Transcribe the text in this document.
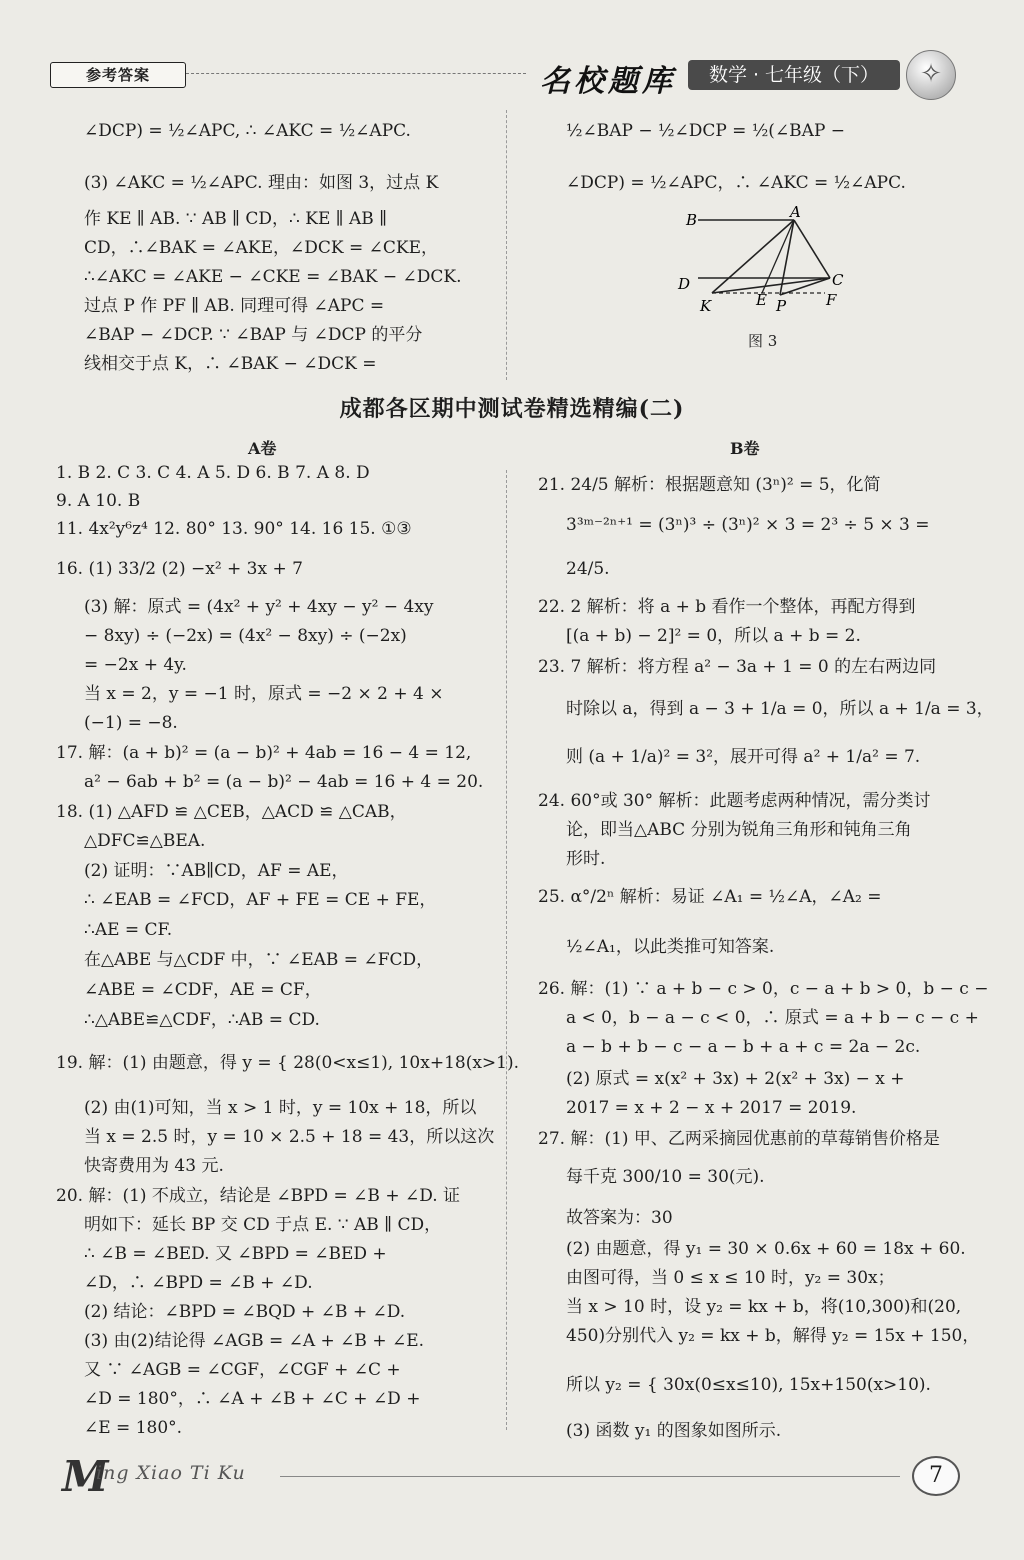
参考答案	名校题库	数学 · 七年级（下）	✧
∠DCP) = ½∠APC, ∴ ∠AKC = ½∠APC.
(3) ∠AKC = ½∠APC. 理由：如图 3，过点 K
作 KE ∥ AB. ∵ AB ∥ CD，∴ KE ∥ AB ∥
CD，∴∠BAK = ∠AKE，∠DCK = ∠CKE，
∴∠AKC = ∠AKE − ∠CKE = ∠BAK − ∠DCK.
过点 P 作 PF ∥ AB. 同理可得 ∠APC =
∠BAP − ∠DCP. ∵ ∠BAP 与 ∠DCP 的平分
线相交于点 K，∴ ∠BAK − ∠DCK =
½∠BAP − ½∠DCP = ½(∠BAP −
∠DCP) = ½∠APC，∴ ∠AKC = ½∠APC.
B	A
D	C
K	E P	F
图 3
成都各区期中测试卷精选精编(二)
A卷	B卷
1. B 2. C 3. C 4. A 5. D 6. B 7. A 8. D
9. A 10. B
11. 4x²y⁶z⁴ 12. 80° 13. 90° 14. 16 15. ①③
16. (1) 33/2 (2) −x² + 3x + 7
(3) 解：原式 = (4x² + y² + 4xy − y² − 4xy
− 8xy) ÷ (−2x) = (4x² − 8xy) ÷ (−2x)
= −2x + 4y.
当 x = 2，y = −1 时，原式 = −2 × 2 + 4 ×
(−1) = −8.
17. 解：(a + b)² = (a − b)² + 4ab = 16 − 4 = 12,
a² − 6ab + b² = (a − b)² − 4ab = 16 + 4 = 20.
18. (1) △AFD ≌ △CEB，△ACD ≌ △CAB，
△DFC≌△BEA.
(2) 证明：∵AB∥CD，AF = AE，
∴ ∠EAB = ∠FCD，AF + FE = CE + FE，
∴AE = CF.
在△ABE 与△CDF 中，∵ ∠EAB = ∠FCD，
∠ABE = ∠CDF，AE = CF，
∴△ABE≌△CDF，∴AB = CD.
19. 解：(1) 由题意，得 y = { 28(0<x≤1), 10x+18(x>1).
(2) 由(1)可知，当 x > 1 时，y = 10x + 18，所以
当 x = 2.5 时，y = 10 × 2.5 + 18 = 43，所以这次
快寄费用为 43 元.
20. 解：(1) 不成立，结论是 ∠BPD = ∠B + ∠D. 证
明如下：延长 BP 交 CD 于点 E. ∵ AB ∥ CD，
∴ ∠B = ∠BED. 又 ∠BPD = ∠BED +
∠D，∴ ∠BPD = ∠B + ∠D.
(2) 结论：∠BPD = ∠BQD + ∠B + ∠D.
(3) 由(2)结论得 ∠AGB = ∠A + ∠B + ∠E.
又 ∵ ∠AGB = ∠CGF，∠CGF + ∠C +
∠D = 180°，∴ ∠A + ∠B + ∠C + ∠D +
∠E = 180°.
21. 24/5 解析：根据题意知 (3ⁿ)² = 5，化简
3³ᵐ⁻²ⁿ⁺¹ = (3ⁿ)³ ÷ (3ⁿ)² × 3 = 2³ ÷ 5 × 3 =
24/5.
22. 2 解析：将 a + b 看作一个整体，再配方得到
[(a + b) − 2]² = 0，所以 a + b = 2.
23. 7 解析：将方程 a² − 3a + 1 = 0 的左右两边同
时除以 a，得到 a − 3 + 1/a = 0，所以 a + 1/a = 3，
则 (a + 1/a)² = 3²，展开可得 a² + 1/a² = 7.
24. 60°或 30° 解析：此题考虑两种情况，需分类讨
论，即当△ABC 分别为锐角三角形和钝角三角
形时.
25. α°/2ⁿ 解析：易证 ∠A₁ = ½∠A，∠A₂ =
½∠A₁，以此类推可知答案.
26. 解：(1) ∵ a + b − c > 0，c − a + b > 0，b − c −
a < 0，b − a − c < 0，∴ 原式 = a + b − c − c +
a − b + b − c − a − b + a + c = 2a − 2c.
(2) 原式 = x(x² + 3x) + 2(x² + 3x) − x +
2017 = x + 2 − x + 2017 = 2019.
27. 解：(1) 甲、乙两采摘园优惠前的草莓销售价格是
每千克 300/10 = 30(元).
故答案为：30
(2) 由题意，得 y₁ = 30 × 0.6x + 60 = 18x + 60.
由图可得，当 0 ≤ x ≤ 10 时，y₂ = 30x；
当 x > 10 时，设 y₂ = kx + b，将(10,300)和(20,
450)分别代入 y₂ = kx + b，解得 y₂ = 15x + 150，
所以 y₂ = { 30x(0≤x≤10), 15x+150(x>10).
(3) 函数 y₁ 的图象如图所示.
M
ing Xiao Ti Ku	7
